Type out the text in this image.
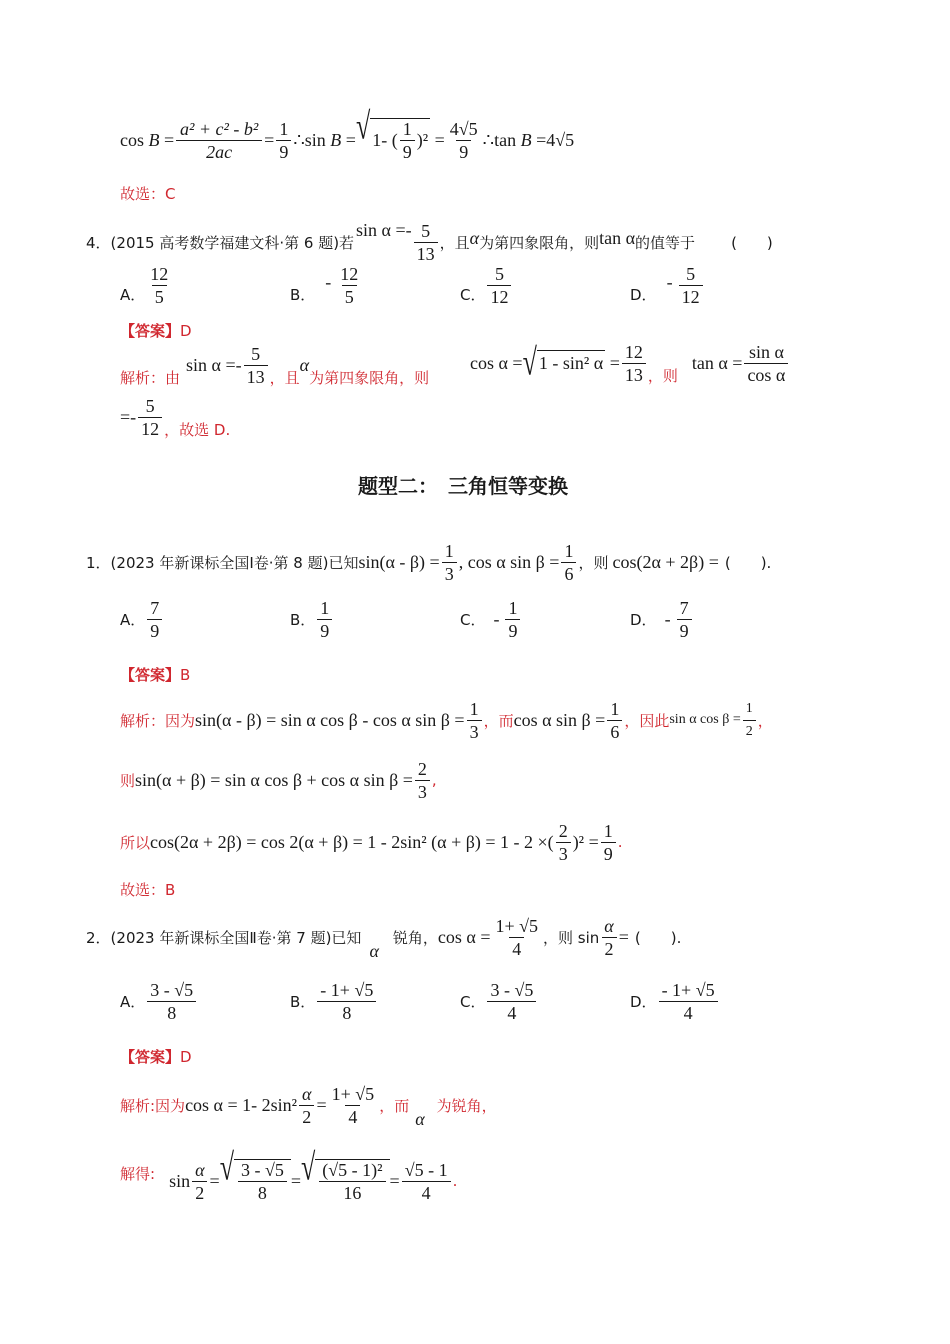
cos
$B = \frac{\text{a² + c² - b²}}{2ac} = \frac{1}{9}$ ∴sin
B = √ 1- ( $\frac{1}{9} )^2 = \frac{4√5}{9}$ ∴tan
B = 4√5
故选：C
4． (2015 高考数学福建文科·第 6 题)若
$\sin \alpha =- \frac{5}{13}$ ，且 α 为第四象限角，则 tan α 的值等于 (　　)
A． $\frac{12}{5}$	B．
- $\frac{12}{5}$	C． $\frac{5}{12}$	D．
- $\frac{5}{12}$
【答案】D
解析：由
$\sin \alpha =- \frac{5}{13}$ ，且
α
为第四象限角，则
cos α = √ 1 - sin² $\alpha = \frac{12}{13}$ ，则
$\tan \alpha = \frac{\text{sin α}}{\text{cos α}}$
=- $\frac{5}{12}$ ，故选 D.
题型二：　三角恒等变换
1． (2023 年新课标全国Ⅰ卷·第 8 题)已知 $\sin(\alpha - \beta) = \frac{1}{3}$ , cos α $\sin \beta = \frac{1}{6}$ ，则 cos(2α + 2β) = (　　).
A． $\frac{7}{9}$	B． $\frac{1}{9}$	C． - $\frac{1}{9}$	D． - $\frac{7}{9}$
【答案】B
解析：因为 sin(α - β) = sin α cos β - cos α $\sin \beta = \frac{1}{3}$ ，而 cos α $\sin \beta = \frac{1}{6}$ ，因此 sin α $\cos \beta = \frac{1}{2}$ ，
则 sin(α + β) = sin α cos β + cos α $\sin \beta = \frac{2}{3}$ ,
所以 cos(2α + 2β) = cos 2(α + β) = 1 - 2sin² (α + β) = 1 - 2 ×( $\frac{2}{3} )^2 = \frac{1}{9}$ .
故选：B
2． (2023 年新课标全国Ⅱ卷·第 7 题)已知
α
锐角， $\cos \alpha = \frac{1+ √5}{4}$ ，则 $\sin \frac{\alpha}{2}$ = (　　).
A． $\frac{3 - √5}{8}$	B． $\frac{- 1+ √5}{8}$	C． $\frac{3 - √5}{4}$	D． $\frac{- 1+ √5}{4}$
【答案】D
解析:因为 cos α = 1- $2\sin^2 \frac{\alpha}{2} = \frac{1+ √5}{4}$ ，而
α
为锐角，
解得: $\sin \frac{\alpha}{2}$ = √ $\frac{3 - √5}{8}$ = √ $\frac{\text{(√5 - 1)²}}{16} = \frac{√5 - 1}{4}$ .
